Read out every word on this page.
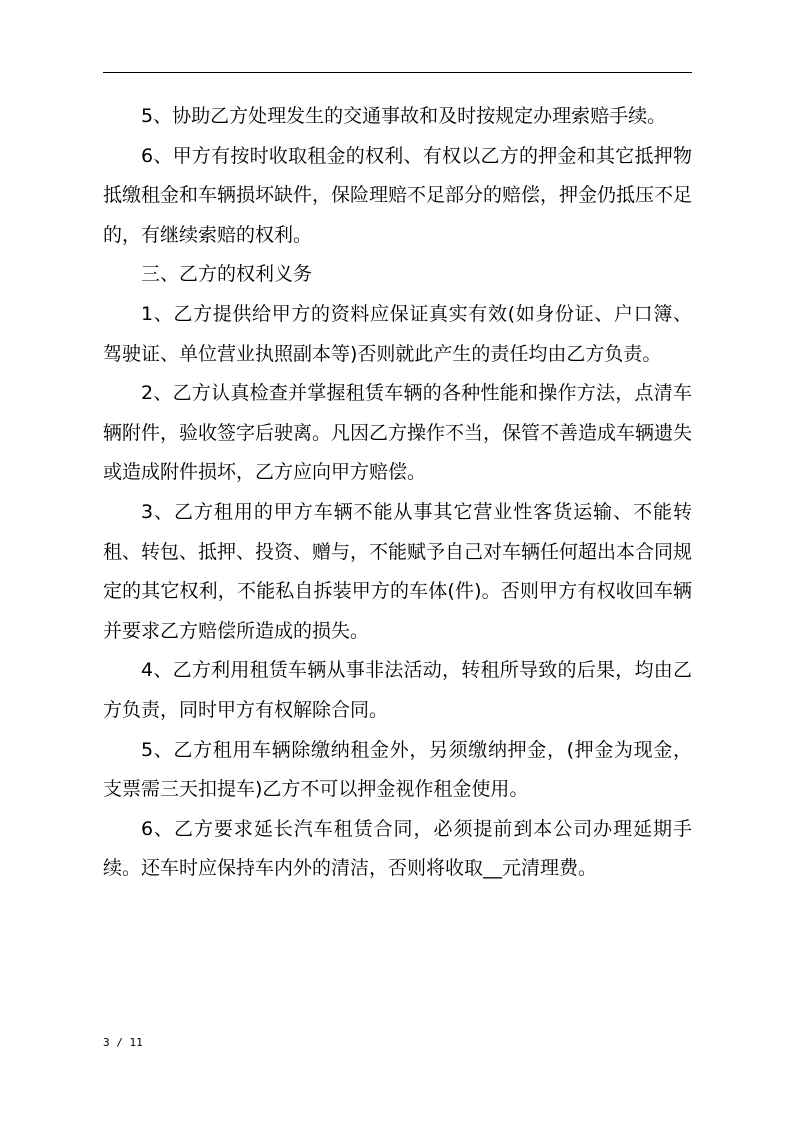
5、协助乙方处理发生的交通事故和及时按规定办理索赔手续。

6、甲方有按时收取租金的权利、有权以乙方的押金和其它抵押物抵缴租金和车辆损坏缺件，保险理赔不足部分的赔偿，押金仍抵压不足的，有继续索赔的权利。

三、乙方的权利义务

1、乙方提供给甲方的资料应保证真实有效(如身份证、户口簿、驾驶证、单位营业执照副本等)否则就此产生的责任均由乙方负责。

2、乙方认真检查并掌握租赁车辆的各种性能和操作方法，点清车辆附件，验收签字后驶离。凡因乙方操作不当，保管不善造成车辆遗失或造成附件损坏，乙方应向甲方赔偿。

3、乙方租用的甲方车辆不能从事其它营业性客货运输、不能转租、转包、抵押、投资、赠与，不能赋予自己对车辆任何超出本合同规定的其它权利，不能私自拆装甲方的车体(件)。否则甲方有权收回车辆并要求乙方赔偿所造成的损失。

4、乙方利用租赁车辆从事非法活动，转租所导致的后果，均由乙方负责，同时甲方有权解除合同。

5、乙方租用车辆除缴纳租金外，另须缴纳押金，(押金为现金，支票需三天扣提车)乙方不可以押金视作租金使用。

6、乙方要求延长汽车租赁合同，必须提前到本公司办理延期手续。还车时应保持车内外的清洁，否则将收取__元清理费。

3 / 11
